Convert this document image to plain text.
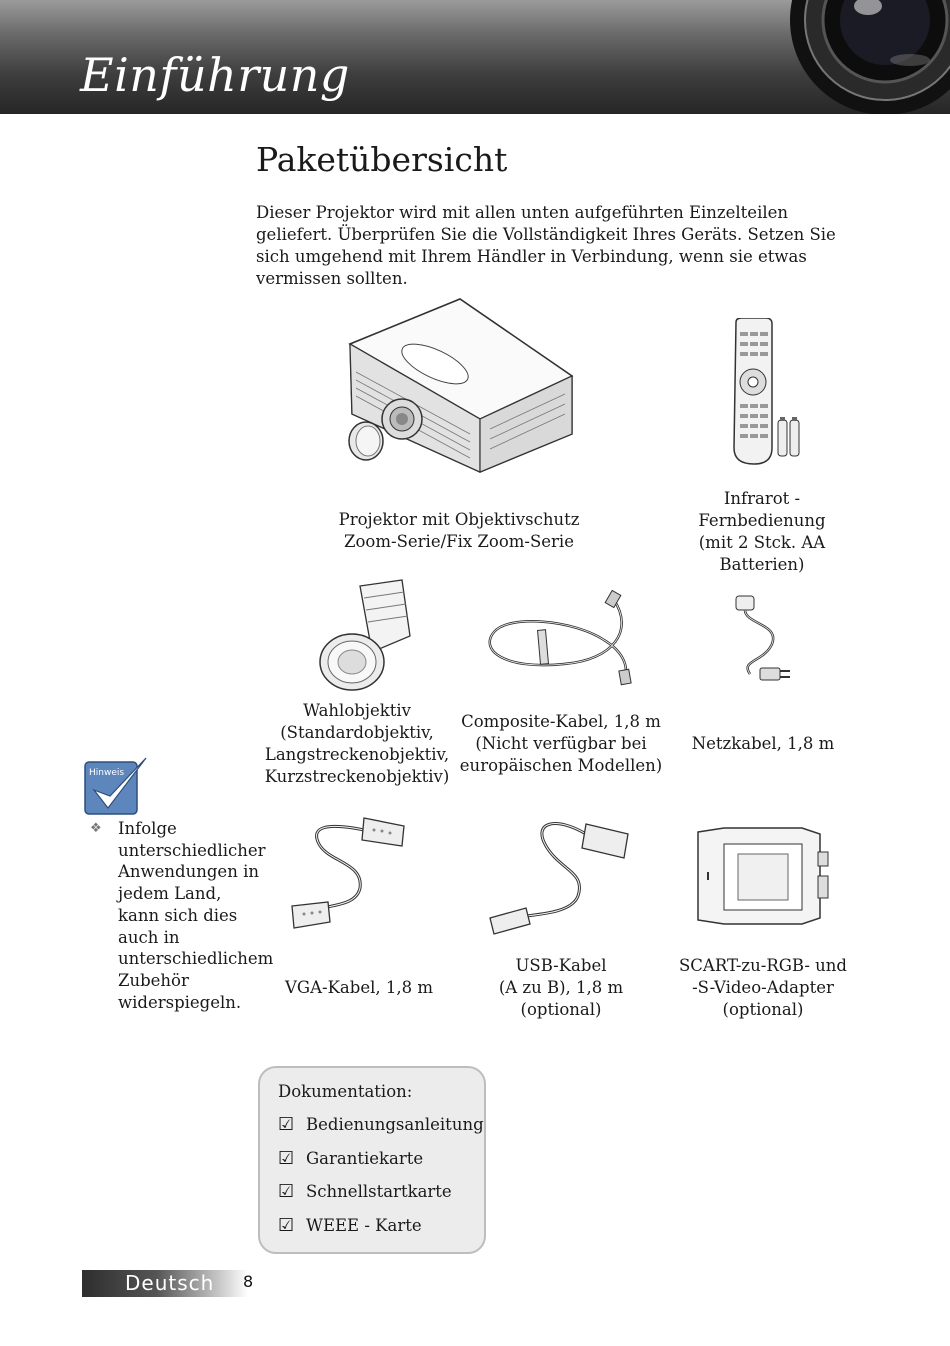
Einführung
Paketübersicht

Dieser Projektor wird mit allen unten aufgeführten Einzelteilen geliefert. Überprüfen Sie die Vollständigkeit Ihres Geräts. Setzen Sie sich umgehend mit Ihrem Händler in Verbindung, wenn sie etwas vermissen sollten.

Projektor mit Objektivschutz
Zoom-Serie/Fix Zoom-Serie
Infrarot -
Fernbedienung
(mit 2 Stck. AA
Batterien)
Wahlobjektiv
(Standardobjektiv,
Langstreckenobjektiv,
Kurzstreckenobjektiv)
Composite-Kabel, 1,8 m
(Nicht verfügbar bei
europäischen Modellen)
Netzkabel, 1,8 m
Hinweis
❖ Infolge unterschiedlicher Anwendungen in jedem Land, kann sich dies auch in unterschiedlichem Zubehör widerspiegeln.
VGA-Kabel, 1,8 m
USB-Kabel
(A zu B), 1,8 m
(optional)
SCART-zu-RGB- und
-S-Video-Adapter
(optional)
Dokumentation:
☑ Bedienungsanleitung
☑ Garantiekarte
☑ Schnellstartkarte
☑ WEEE - Karte
Deutsch 8
